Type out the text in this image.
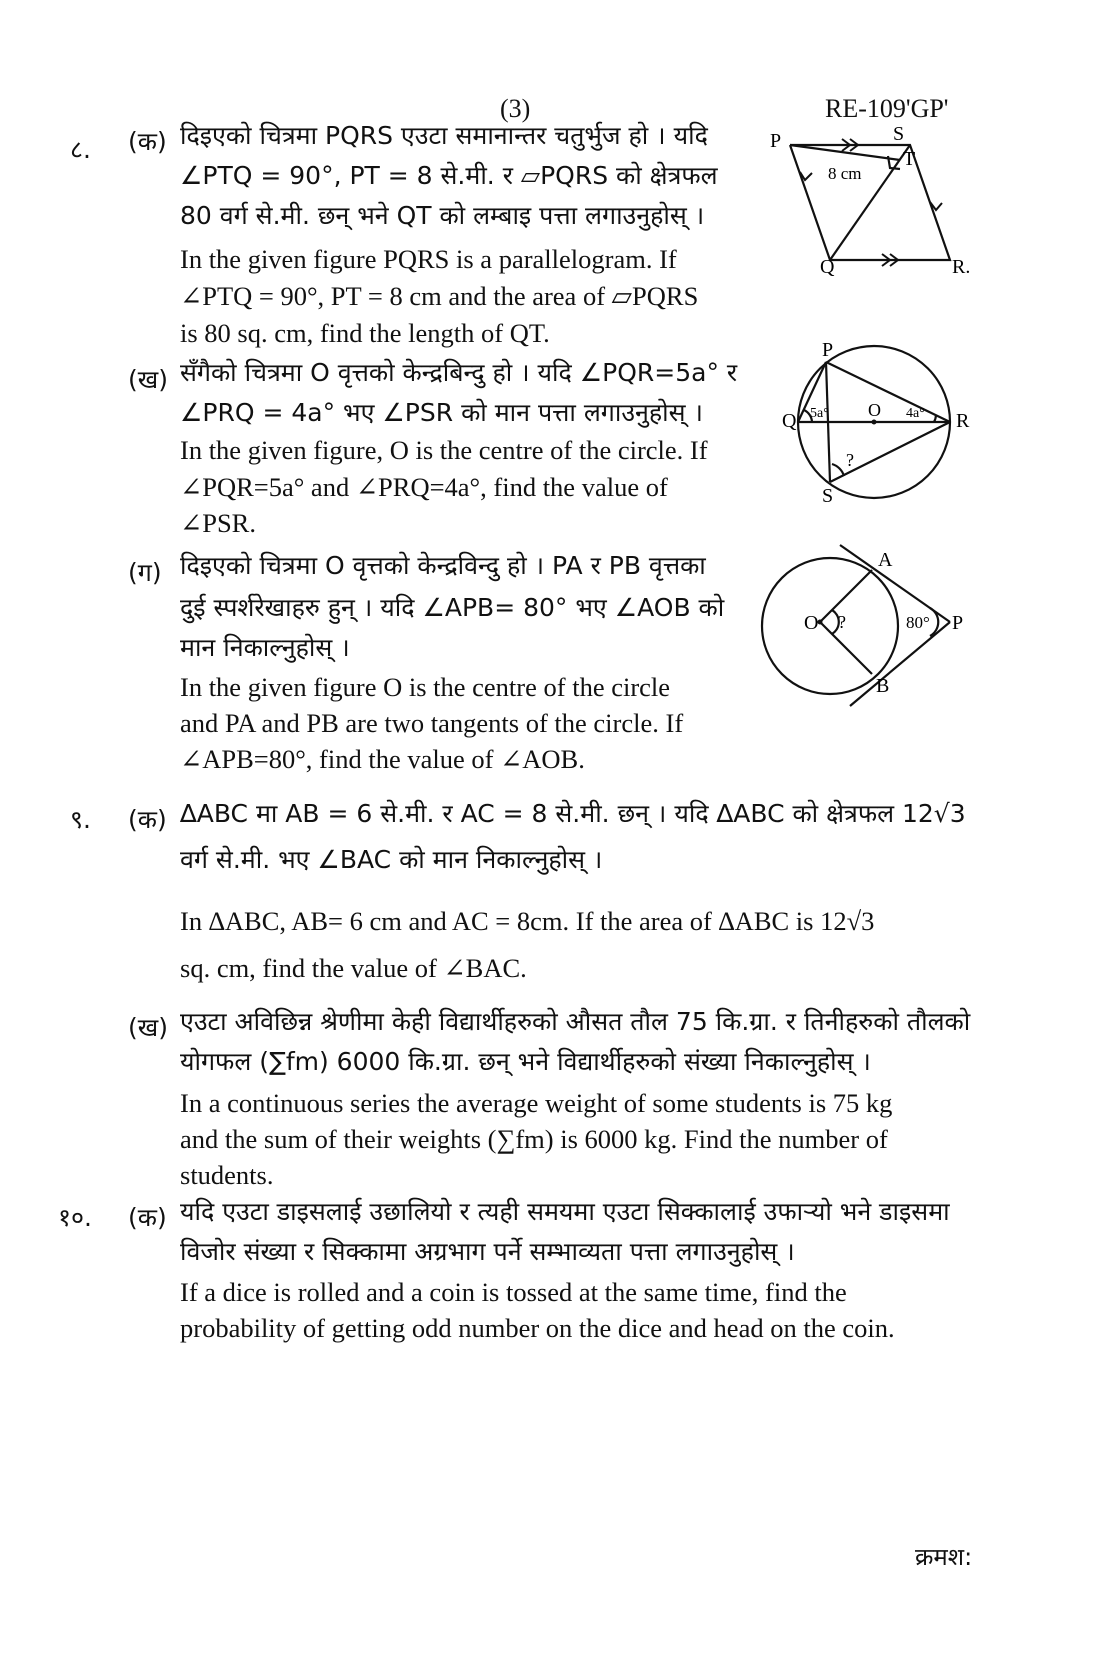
(3)	RE-109'GP'
८. (क) दिइएको चित्रमा PQRS एउटा समानान्तर चतुर्भुज हो । यदि
∠PTQ = 90°, PT = 8 से.मी. र ▱PQRS को क्षेत्रफल
80 वर्ग से.मी. छन् भने QT को लम्बाइ पत्ता लगाउनुहोस् ।
In the given figure PQRS is a parallelogram. If
∠PTQ = 90°, PT = 8 cm and the area of ▱PQRS
is 80 sq. cm, find the length of QT.
P	S
T
Q	R.
8 cm
(ख) सँगैको चित्रमा O वृत्तको केन्द्रबिन्दु हो । यदि ∠PQR=5a° र
∠PRQ = 4a° भए ∠PSR को मान पत्ता लगाउनुहोस् ।
In the given figure, O is the centre of the circle. If
∠PQR=5a° and ∠PRQ=4a°, find the value of
∠PSR.
P
Q	R
S
O
5a°	4a°
?
(ग) दिइएको चित्रमा O वृत्तको केन्द्रविन्दु हो । PA र PB वृत्तका
दुई स्पर्शरेखाहरु हुन् । यदि ∠APB= 80° भए ∠AOB को
मान निकाल्नुहोस् ।
In the given figure O is the centre of the circle
and PA and PB are two tangents of the circle. If
∠APB=80°, find the value of ∠AOB.
A
B
O	P
80°
?
९. (क) ∆ABC मा AB = 6 से.मी. र AC = 8 से.मी. छन् । यदि ∆ABC को क्षेत्रफल 12√3
वर्ग से.मी. भए ∠BAC को मान निकाल्नुहोस् ।
In ∆ABC, AB= 6 cm and AC = 8cm. If the area of ∆ABC is 12√3
sq. cm, find the value of ∠BAC.
(ख) एउटा अविछिन्न श्रेणीमा केही विद्यार्थीहरुको औसत तौल 75 कि.ग्रा. र तिनीहरुको तौलको
योगफल (∑fm) 6000 कि.ग्रा. छन् भने विद्यार्थीहरुको संख्या निकाल्नुहोस् ।
In a continuous series the average weight of some students is 75 kg
and the sum of their weights (∑fm) is 6000 kg. Find the number of
students.
१०. (क) यदि एउटा डाइसलाई उछालियो र त्यही समयमा एउटा सिक्कालाई उफार्‍यो भने डाइसमा
विजोर संख्या र सिक्कामा अग्रभाग पर्ने सम्भाव्यता पत्ता लगाउनुहोस् ।
If a dice is rolled and a coin is tossed at the same time, find the
probability of getting odd number on the dice and head on the coin.
क्रमश:
